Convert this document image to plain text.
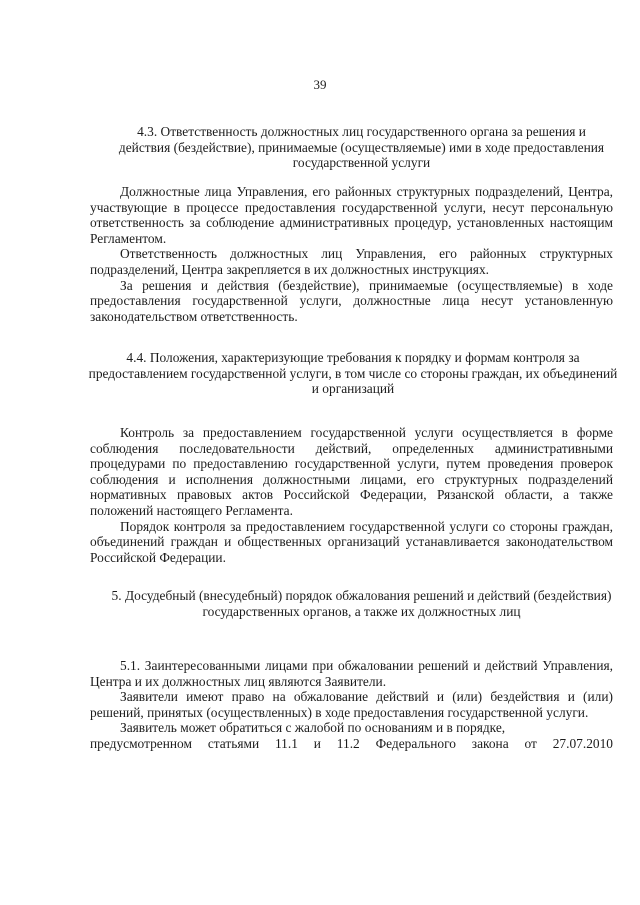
39

4.3. Ответственность должностных лиц государственного органа за решения и действия (бездействие), принимаемые (осуществляемые) ими в ходе предоставления государственной услуги

Должностные лица Управления, его районных структурных подразделений, Центра, участвующие в процессе предоставления государственной услуги, несут персональную ответственность за соблюдение административных процедур, установленных настоящим Регламентом.

Ответственность должностных лиц Управления, его районных структурных подразделений, Центра закрепляется в их должностных инструкциях.

За решения и действия (бездействие), принимаемые (осуществляемые) в ходе предоставления государственной услуги, должностные лица несут установленную законодательством ответственность.

4.4. Положения, характеризующие требования к порядку и формам контроля за предоставлением государственной услуги, в том числе со стороны граждан, их объединений и организаций

Контроль за предоставлением государственной услуги осуществляется в форме соблюдения последовательности действий, определенных административными процедурами по предоставлению государственной услуги, путем проведения проверок соблюдения и исполнения должностными лицами, его структурных подразделений нормативных правовых актов Российской Федерации, Рязанской области, а также положений настоящего Регламента.

Порядок контроля за предоставлением государственной услуги со стороны граждан, объединений граждан и общественных организаций устанавливается законодательством Российской Федерации.

5. Досудебный (внесудебный) порядок обжалования решений и действий (бездействия) государственных органов, а также их должностных лиц

5.1. Заинтересованными лицами при обжаловании решений и действий Управления, Центра и их должностных лиц являются Заявители.

Заявители имеют право на обжалование действий и (или) бездействия и (или) решений, принятых (осуществленных) в ходе предоставления государственной услуги.

Заявитель может обратиться с жалобой по основаниям и в порядке,

предусмотренном статьями 11.1 и 11.2 Федерального закона от 27.07.2010
